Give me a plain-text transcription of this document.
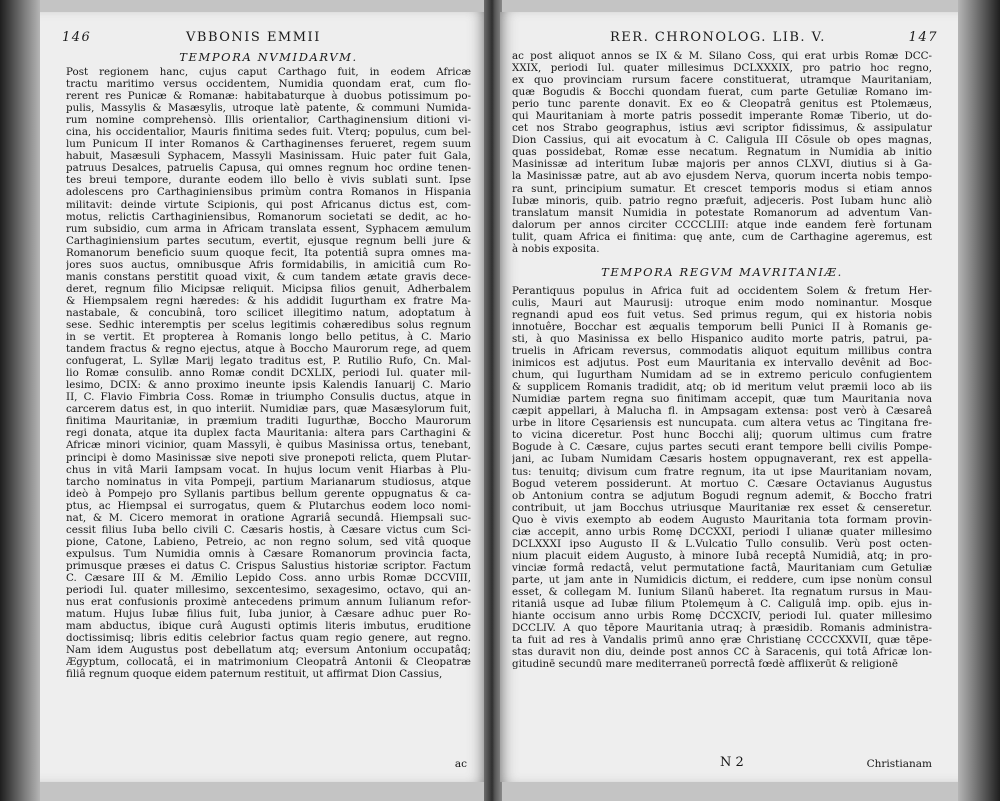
146	VBBONIS EMMII
TEMPORA NVMIDARVM.
Post regionem hanc, cujus caput Carthago fuit, in eodem Africæ
tractu maritimo versus occidentem, Numidia quondam erat, cum flo-
rerent res Punicæ & Romanæ: habitabaturque à duobus potissimum po-
pulis, Massylis & Masæsylis, utroque latè patente, & communi Numida-
rum nomine comprehensò. Illis orientalior, Carthaginensium ditioni vi-
cina, his occidentalior, Mauris finitima sedes fuit. Vterq; populus, cum bel-
lum Punicum II inter Romanos & Carthaginenses ferueret, regem suum
habuit, Masæsuli Syphacem, Massyli Masinissam. Huic pater fuit Gala,
patruus Desalces, patruelis Capusa, qui omnes regnum hoc ordine tenen-
tes breui tempore, durante eodem illo bello è vivis sublati sunt. Ipse
adolescens pro Carthaginiensibus primùm contra Romanos in Hispania
militavit: deinde virtute Scipionis, qui post Africanus dictus est, com-
motus, relictis Carthaginiensibus, Romanorum societati se dedit, ac ho-
rum subsidio, cum arma in Africam translata essent, Syphacem æmulum
Carthaginiensium partes secutum, evertit, ejusque regnum belli jure &
Romanorum beneficio suum quoque fecit, Ita potentiâ supra omnes ma-
jores suos auctus, omnibusque Afris formidabilis, in amicitiâ cum Ro-
manis constans perstitit quoad vixit, & cum tandem ætate gravis dece-
deret, regnum filio Micipsæ reliquit. Micipsa filios genuit, Adherbalem
& Hiempsalem regni hæredes: & his addidit Iugurtham ex fratre Ma-
nastabale, & concubinâ, toro scilicet illegitimo natum, adoptatum à
sese. Sedhic interemptis per scelus legitimis cohæredibus solus regnum
in se vertit. Et propterea à Romanis longo bello petitus, à C. Mario
tandem fractus & regno ejectus, atque à Boccho Maurorum rege, ad quem
confugerat, L. Syllæ Marij legato traditus est, P. Rutilio Rufo, Cn. Mal-
lio Romæ consulib. anno Romæ condit DCXLIX, periodi Iul. quater mil-
lesimo, DCIX: & anno proximo ineunte ipsis Kalendis Ianuarij C. Mario
II, C. Flavio Fimbria Coss. Romæ in triumpho Consulis ductus, atque in
carcerem datus est, in quo interiit. Numidiæ pars, quæ Masæsylorum fuit,
finitima Mauritaniæ, in præmium traditi Iugurthæ, Boccho Maurorum
regi donata, atque ita duplex facta Mauritania: altera pars Carthagini &
Africæ minori vicinior, quam Massyli, è quibus Masinissa ortus, tenebant,
principi è domo Masinissæ sive nepoti sive pronepoti relicta, quem Plutar-
chus in vitâ Marii Iampsam vocat. In hujus locum venit Hiarbas à Plu-
tarcho nominatus in vita Pompeji, partium Marianarum studiosus, atque
ideò à Pompejo pro Syllanis partibus bellum gerente oppugnatus & ca-
ptus, ac Hiempsal ei surrogatus, quem & Plutarchus eodem loco nomi-
nat, & M. Cicero memorat in oratione Agrariâ secundâ. Hiempsali suc-
cessit filius Iuba bello civili C. Cæsaris hostis, à Cæsare victus cum Sci-
pione, Catone, Labieno, Petreio, ac non regno solum, sed vitâ quoque
expulsus. Tum Numidia omnis à Cæsare Romanorum provincia facta,
primusque præses ei datus C. Crispus Salustius historiæ scriptor. Factum
C. Cæsare III & M. Æmilio Lepido Coss. anno urbis Romæ DCCVIII,
periodi Iul. quater millesimo, sexcentesimo, sexagesimo, octavo, qui an-
nus erat confusionis proximè antecedens primum annum Iulianum refor-
matum. Hujus Iubæ filius fuit, Iuba junior, à Cæsare adhuc puer Ro-
mam abductus, ibique curâ Augusti optimis literis imbutus, eruditione
doctissimisq; libris editis celebrior factus quam regio genere, aut regno.
Nam idem Augustus post debellatum atq; eversum Antonium occupatâq;
Ægyptum, collocatâ, ei in matrimonium Cleopatrâ Antonii & Cleopatræ
filiâ regnum quoque eidem paternum restituit, ut affirmat Dion Cassius,
ac
RER. CHRONOLOG. LIB. V.	147
ac post aliquot annos se IX & M. Silano Coss, qui erat urbis Romæ DCC-
XXIX, periodi Iul. quater millesimus DCLXXXIX, pro patrio hoc regno,
ex quo provinciam rursum facere constituerat, utramque Mauritaniam,
quæ Bogudis & Bocchi quondam fuerat, cum parte Getuliæ Romano im-
perio tunc parente donavit. Ex eo & Cleopatrâ genitus est Ptolemæus,
qui Mauritaniam à morte patris possedit imperante Romæ Tiberio, ut do-
cet nos Strabo geographus, istius ævi scriptor fidissimus, & assipulatur
Dion Cassius, qui ait evocatum à C. Caligula III Cõsule ob opes magnas,
quas possidebat, Romæ esse necatum. Regnatum in Numidia ab initio
Masinissæ ad interitum Iubæ majoris per annos CLXVI, diutius si à Ga-
la Masinissæ patre, aut ab avo ejusdem Nerva, quorum incerta nobis tempo-
ra sunt, principium sumatur. Et crescet temporis modus si etiam annos
Iubæ minoris, quib. patrio regno præfuit, adjeceris. Post Iubam hunc aliò
translatum mansit Numidia in potestate Romanorum ad adventum Van-
dalorum per annos circiter CCCCLIII: atque inde eandem ferè fortunam
tulit, quam Africa ei finitima: quę ante, cum de Carthagine ageremus, est
à nobis exposita.
TEMPORA REGVM MAVRITANIÆ.
Perantiquus populus in Africa fuit ad occidentem Solem & fretum Her-
culis, Mauri aut Maurusij: utroque enim modo nominantur. Mosque
regnandi apud eos fuit vetus. Sed primus regum, qui ex historia nobis
innotuêre, Bocchar est æqualis temporum belli Punici II à Romanis ge-
sti, à quo Masinissa ex bello Hispanico audito morte patris, patrui, pa-
truelis in Africam reversus, commodatis aliquot equitum millibus contra
inimicos est adjutus. Post eum Mauritania ex intervallo devênit ad Boc-
chum, qui Iugurtham Numidam ad se in extremo periculo confugientem
& supplicem Romanis tradidit, atq; ob id meritum velut præmii loco ab iis
Numidiæ partem regna suo finitimam accepit, quæ tum Mauritania nova
cæpit appellari, à Malucha fl. in Ampsagam extensa: post verò à Cæsareâ
urbe in litore Cęsariensis est nuncupata. cum altera vetus ac Tingitana fre-
to vicina diceretur. Post hunc Bocchi alij; quorum ultimus cum fratre
Bogude à C. Cæsare, cujus partes secuti erant tempore belli civilis Pompe-
jani, ac Iubam Numidam Cæsaris hostem oppugnaverant, rex est appella-
tus: tenuitq; divisum cum fratre regnum, ita ut ipse Mauritaniam novam,
Bogud veterem possiderunt. At mortuo C. Cæsare Octavianus Augustus
ob Antonium contra se adjutum Bogudi regnum ademit, & Boccho fratri
contribuit, ut jam Bocchus utriusque Mauritaniæ rex esset & censeretur.
Quo è vivis exempto ab eodem Augusto Mauritania tota formam provin-
ciæ accepit, anno urbis Romę DCCXXI, periodi I ulianæ quater millesimo
DCLXXXI ipso Augusto II & L.Vulcatio Tullo consulib. Verù post octen-
nium placuit eidem Augusto, à minore Iubâ receptâ Numidiâ, atq; in pro-
vinciæ formâ redactâ, velut permutatione factâ, Mauritaniam cum Getuliæ
parte, ut jam ante in Numidicis dictum, ei reddere, cum ipse nonùm consul
esset, & collegam M. Iunium Silanū haberet. Ita regnatum rursus in Mau-
ritaniâ usque ad Iubæ filium Ptolemęum à C. Caligulâ imp. opib. ejus in-
hiante occisum anno urbis Romę DCCXCIV, periodi Iul. quater millesimo
DCCLIV. A quo tēpore Mauritania utraq; à præsidib. Romanis administra-
ta fuit ad res à Vandalis primū anno ęræ Christianę CCCCXXVII, quæ tēpe-
stas duravit non diu, deinde post annos CC à Saracenis, qui totâ Africæ lon-
gitudinē secundū mare mediterraneū porrectâ fœdè afflixerūt & religionē
N 2	Christianam
